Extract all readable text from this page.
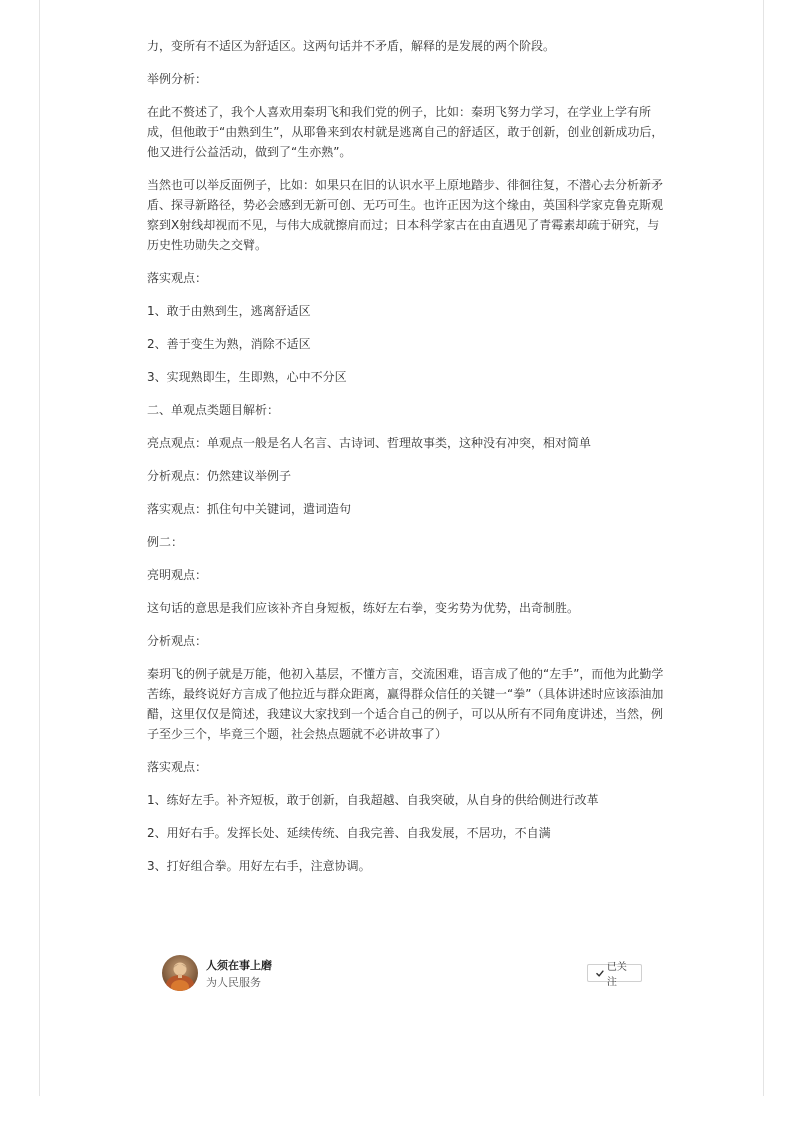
力，变所有不适区为舒适区。这两句话并不矛盾，解释的是发展的两个阶段。

举例分析：

在此不赘述了，我个人喜欢用秦玥飞和我们党的例子，比如：秦玥飞努力学习，在学业上学有所成，但他敢于“由熟到生”，从耶鲁来到农村就是逃离自己的舒适区，敢于创新，创业创新成功后，他又进行公益活动，做到了“生亦熟”。

当然也可以举反面例子，比如：如果只在旧的认识水平上原地踏步、徘徊往复，不潜心去分析新矛盾、探寻新路径，势必会感到无新可创、无巧可生。也许正因为这个缘由，英国科学家克鲁克斯观察到X射线却视而不见，与伟大成就擦肩而过；日本科学家古在由直遇见了青霉素却疏于研究，与历史性功勋失之交臂。

落实观点：

1、敢于由熟到生，逃离舒适区

2、善于变生为熟，消除不适区

3、实现熟即生，生即熟，心中不分区

二、单观点类题目解析：

亮点观点：单观点一般是名人名言、古诗词、哲理故事类，这种没有冲突，相对简单

分析观点：仍然建议举例子

落实观点：抓住句中关键词，遣词造句

例二：

亮明观点：

这句话的意思是我们应该补齐自身短板，练好左右拳，变劣势为优势，出奇制胜。

分析观点：

秦玥飞的例子就是万能，他初入基层，不懂方言，交流困难，语言成了他的“左手”，而他为此勤学苦练，最终说好方言成了他拉近与群众距离，赢得群众信任的关键一“拳”（具体讲述时应该添油加醋，这里仅仅是简述，我建议大家找到一个适合自己的例子，可以从所有不同角度讲述，当然，例子至少三个，毕竟三个题，社会热点题就不必讲故事了）

落实观点：

1、练好左手。补齐短板，敢于创新，自我超越、自我突破，从自身的供给侧进行改革

2、用好右手。发挥长处、延续传统、自我完善、自我发展，不居功，不自满

3、打好组合拳。用好左右手，注意协调。

人须在事上磨
为人民服务
已关注
